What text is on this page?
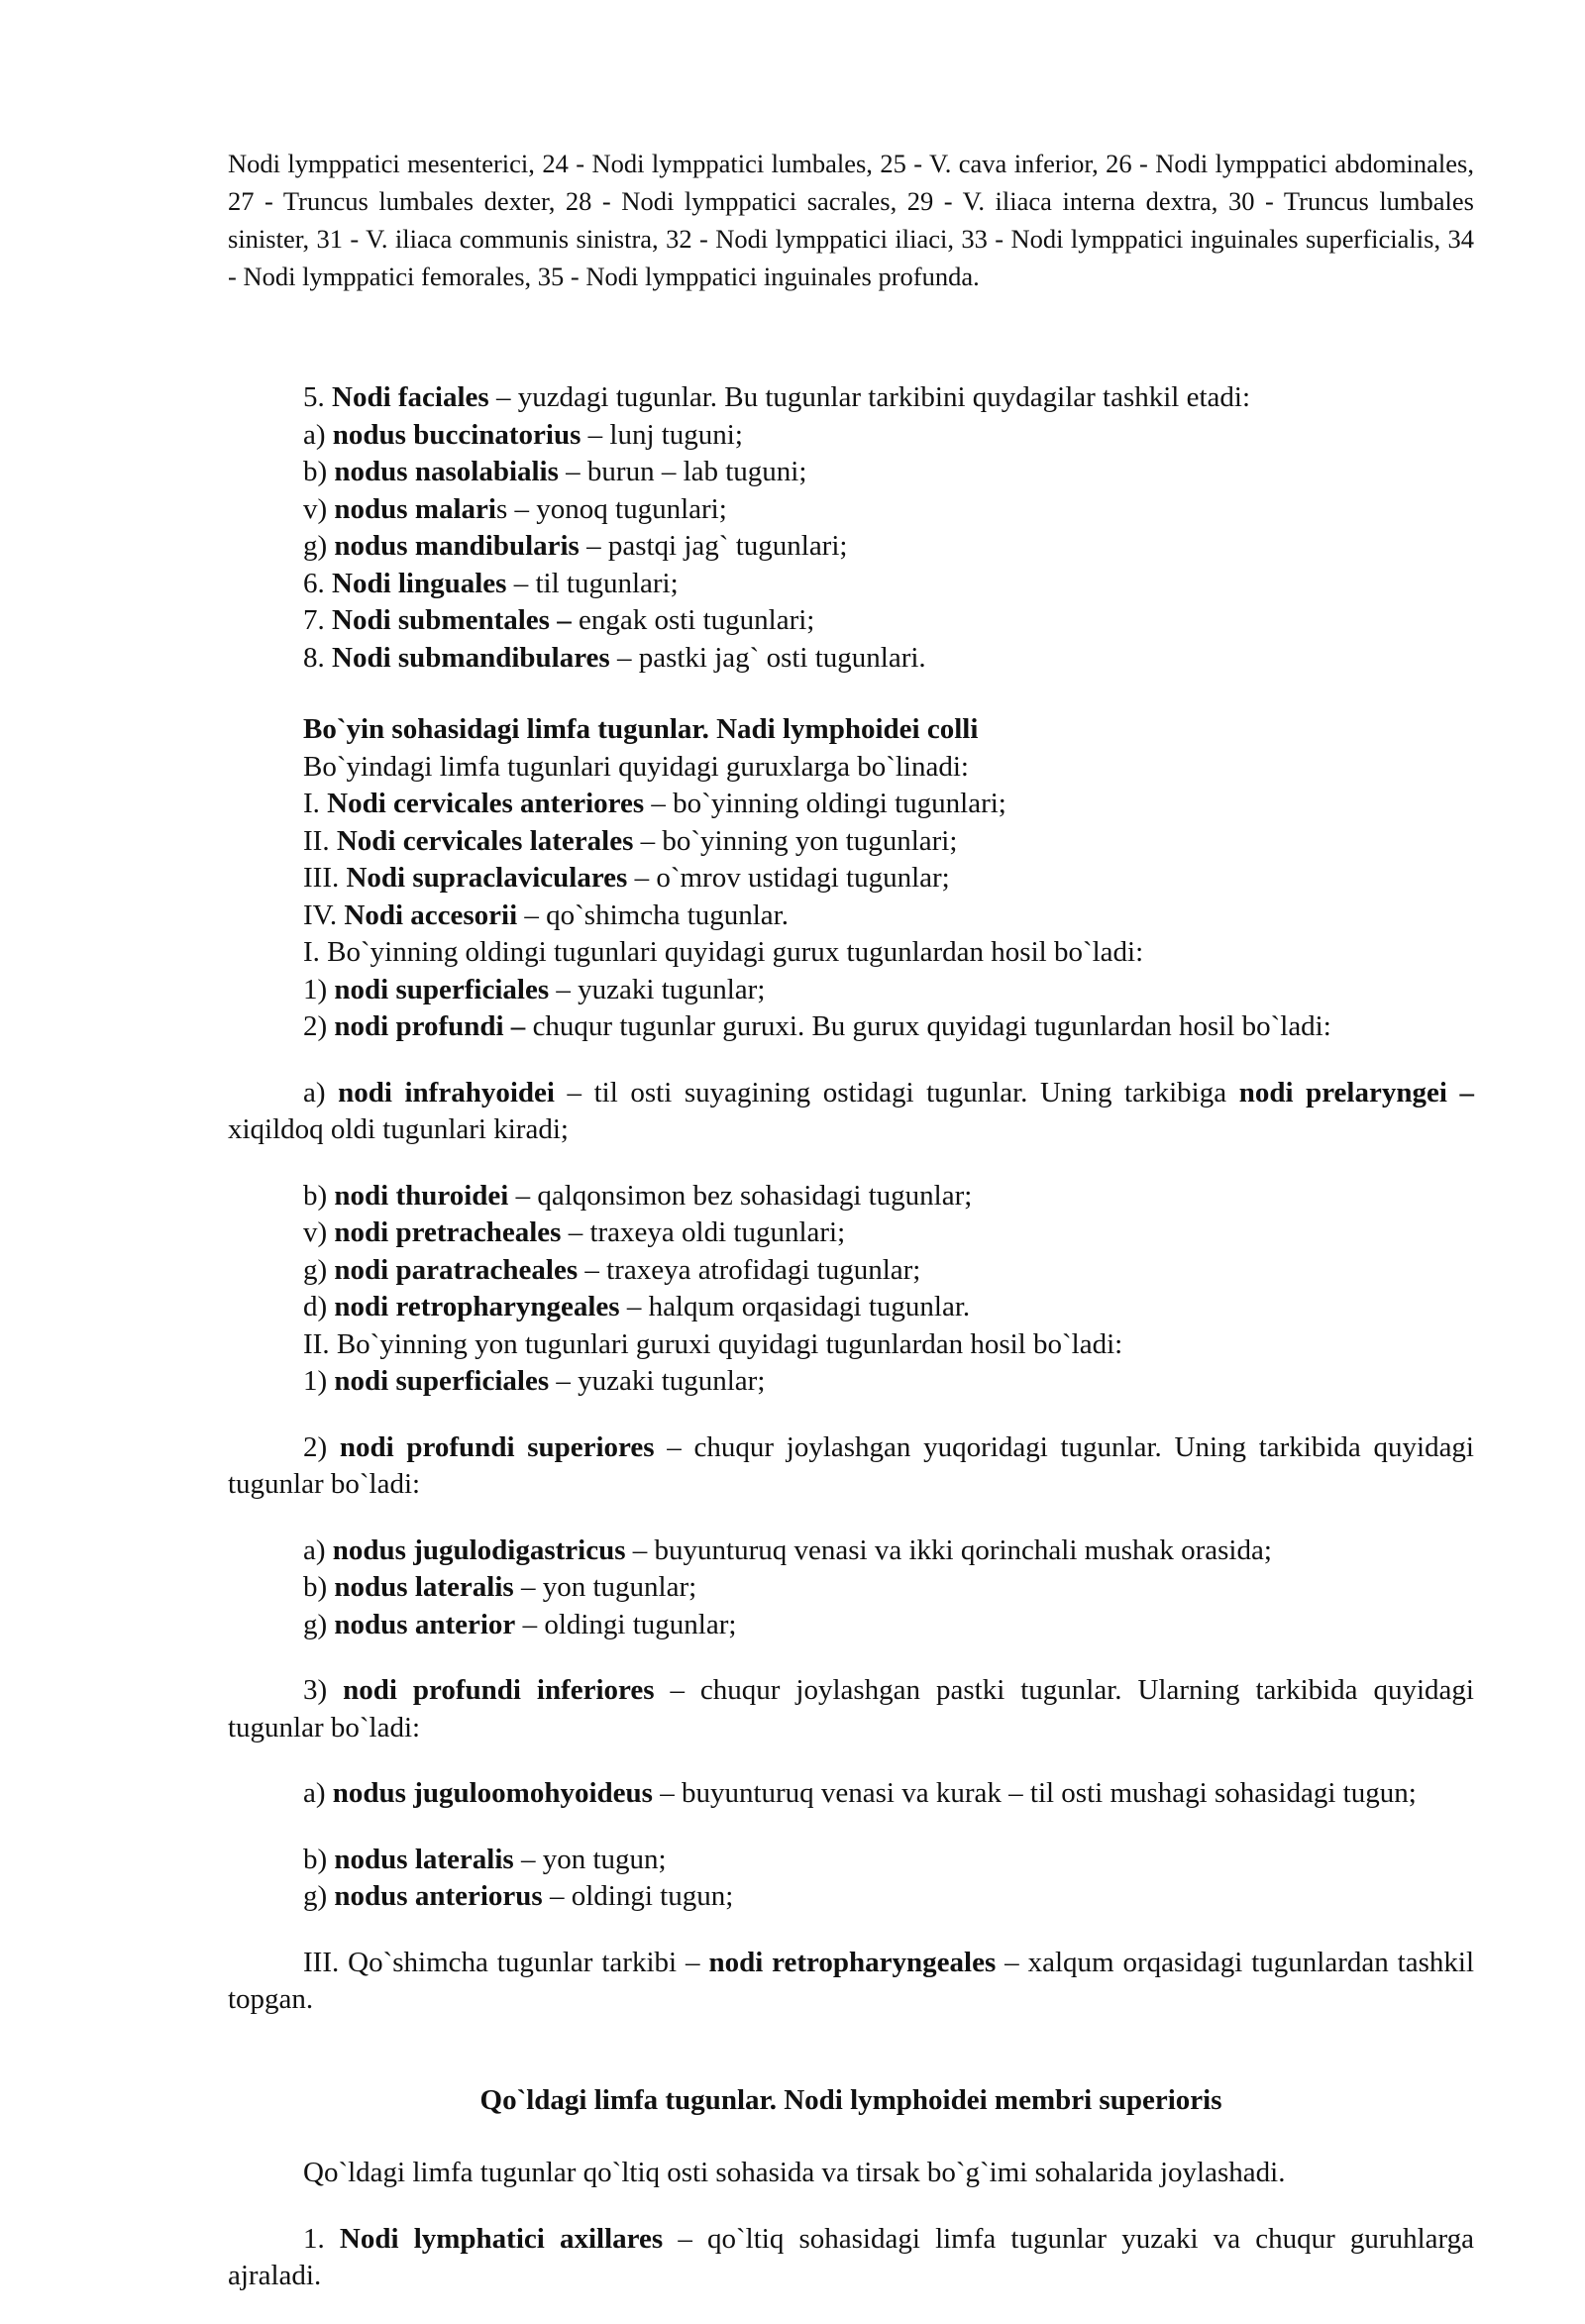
Nodi lymppatici mesenterici, 24 - Nodi lymppatici lumbales, 25 - V. cava inferior, 26 - Nodi lymppatici abdominales, 27 - Truncus lumbales dexter, 28 - Nodi lymppatici sacrales, 29 - V. iliaca interna dextra, 30 - Truncus lumbales sinister, 31 - V. iliaca communis sinistra, 32 - Nodi lymppatici iliaci, 33 - Nodi lymppatici inguinales superficialis, 34 - Nodi lymppatici femorales, 35 - Nodi lymppatici inguinales profunda.

5. Nodi faciales – yuzdagi tugunlar. Bu tugunlar tarkibini quydagilar tashkil etadi:

a) nodus buccinatorius – lunj tuguni;

b) nodus nasolabialis – burun – lab tuguni;

v) nodus malaris – yonoq tugunlari;

g) nodus mandibularis – pastqi jag` tugunlari;

6. Nodi linguales – til tugunlari;

7. Nodi submentales – engak osti tugunlari;

8. Nodi submandibulares – pastki jag` osti tugunlari.

Bo`yin sohasidagi limfa tugunlar. Nadi lymphoidei colli

Bo`yindagi limfa tugunlari quyidagi guruxlarga bo`linadi:

I. Nodi cervicales anteriores – bo`yinning oldingi tugunlari;

II. Nodi cervicales laterales – bo`yinning yon tugunlari;

III. Nodi supraclaviculares – o`mrov ustidagi tugunlar;

IV. Nodi accesorii – qo`shimcha tugunlar.

I. Bo`yinning oldingi tugunlari quyidagi gurux tugunlardan hosil bo`ladi:

1) nodi superficiales – yuzaki tugunlar;

2) nodi profundi – chuqur tugunlar guruxi. Bu gurux quyidagi tugunlardan hosil bo`ladi:

a) nodi infrahyoidei – til osti suyagining ostidagi tugunlar. Uning tarkibiga nodi prelaryngei – xiqildoq oldi tugunlari kiradi;

b) nodi thuroidei – qalqonsimon bez sohasidagi tugunlar;

v) nodi pretracheales – traxeya oldi tugunlari;

g) nodi paratracheales – traxeya atrofidagi tugunlar;

d) nodi retropharyngeales – halqum orqasidagi tugunlar.

II. Bo`yinning yon tugunlari guruxi quyidagi tugunlardan hosil bo`ladi:

1) nodi superficiales – yuzaki tugunlar;

2) nodi profundi superiores – chuqur joylashgan yuqoridagi tugunlar. Uning tarkibida quyidagi tugunlar bo`ladi:

a) nodus jugulodigastricus – buyunturuq venasi va ikki qorinchali mushak orasida;

b) nodus lateralis – yon tugunlar;

g) nodus anterior – oldingi tugunlar;

3) nodi profundi inferiores – chuqur joylashgan pastki tugunlar. Ularning tarkibida quyidagi tugunlar bo`ladi:

a) nodus juguloomohyoideus – buyunturuq venasi va kurak – til osti mushagi sohasidagi tugun;

b) nodus lateralis – yon tugun;

g) nodus anteriorus – oldingi tugun;

III. Qo`shimcha tugunlar tarkibi – nodi retropharyngeales – xalqum orqasidagi tugunlardan tashkil topgan.

Qo`ldagi limfa tugunlar. Nodi lymphoidei membri superioris

Qo`ldagi limfa tugunlar qo`ltiq osti sohasida va tirsak bo`g`imi sohalarida joylashadi.

1. Nodi lymphatici axillares – qo`ltiq sohasidagi limfa tugunlar yuzaki va chuqur guruhlarga ajraladi.
